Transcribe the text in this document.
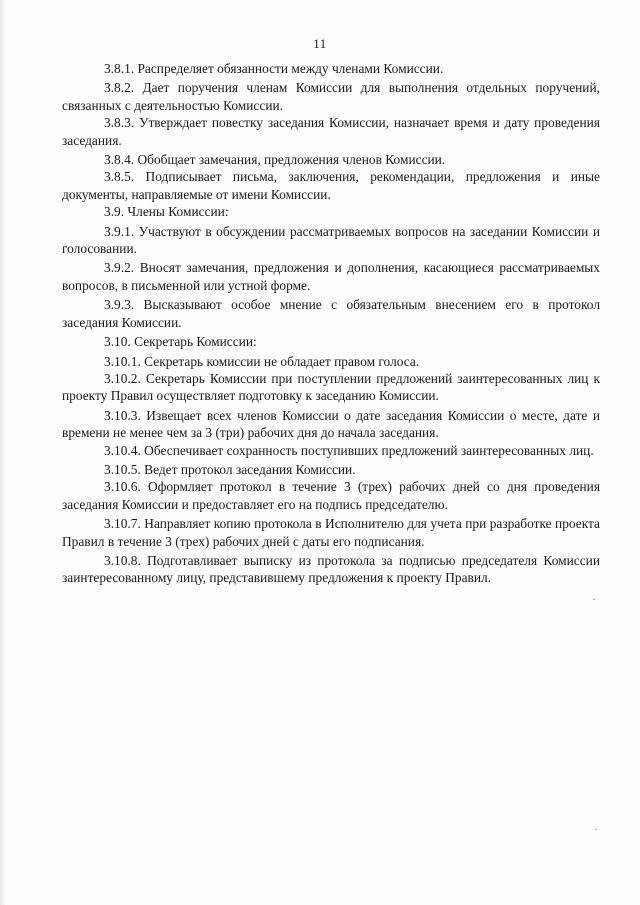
11

3.8.1. Распределяет обязанности между членами Комиссии.

3.8.2. Дает поручения членам Комиссии для выполнения отдельных поручений, связанных с деятельностью Комиссии.

3.8.3. Утверждает повестку заседания Комиссии, назначает время и дату проведения заседания.

3.8.4. Обобщает замечания, предложения членов Комиссии.

3.8.5. Подписывает письма, заключения, рекомендации, предложения и иные документы, направляемые от имени Комиссии.

3.9. Члены Комиссии:

3.9.1. Участвуют в обсуждении рассматриваемых вопросов на заседании Комиссии и голосовании.

3.9.2. Вносят замечания, предложения и дополнения, касающиеся рассматриваемых вопросов, в письменной или устной форме.

3.9.3. Высказывают особое мнение с обязательным внесением его в протокол заседания Комиссии.

3.10. Секретарь Комиссии:

3.10.1. Секретарь комиссии не обладает правом голоса.

3.10.2. Секретарь Комиссии при поступлении предложений заинтересованных лиц к проекту Правил осуществляет подготовку к заседанию Комиссии.

3.10.3. Извещает всех членов Комиссии о дате заседания Комиссии о месте, дате и времени не менее чем за 3 (три) рабочих дня до начала заседания.

3.10.4. Обеспечивает сохранность поступивших предложений заинтересованных лиц.

3.10.5. Ведет протокол заседания Комиссии.

3.10.6. Оформляет протокол в течение 3 (трех) рабочих дней со дня проведения заседания Комиссии и предоставляет его на подпись председателю.

3.10.7. Направляет копию протокола в Исполнителю для учета при разработке проекта Правил в течение 3 (трех) рабочих дней с даты его подписания.

3.10.8. Подготавливает выписку из протокола за подписью председателя Комиссии заинтересованному лицу, представившему предложения к проекту Правил.

·
·
